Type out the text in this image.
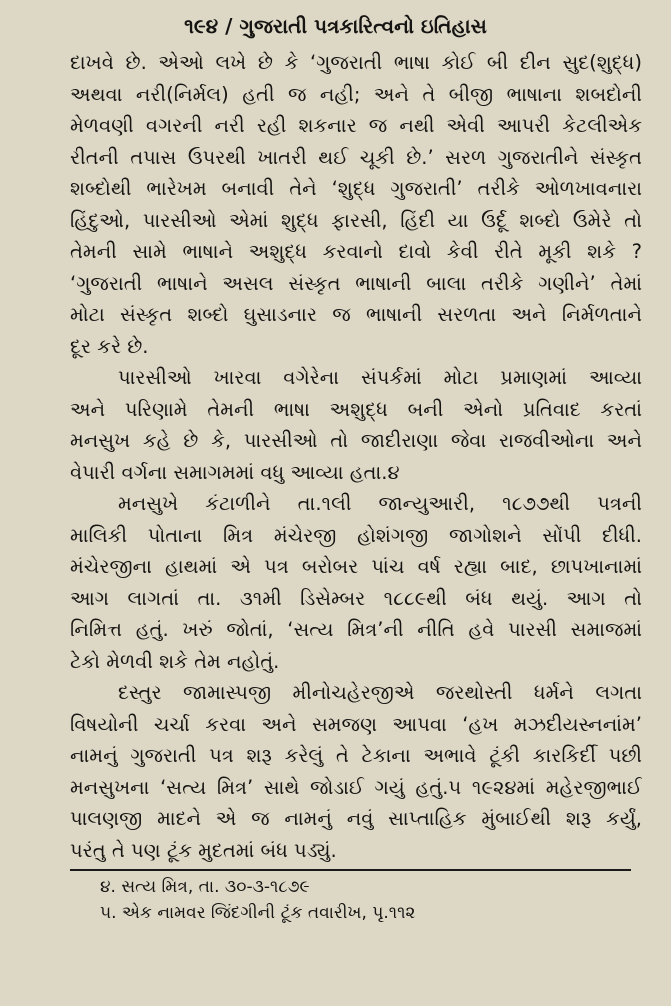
૧૯૪ / ગુજરાતી પત્રકારિત્વનો ઇતિહાસ
દાખવે છે. એઓ લખે છે કે ‘ગુજરાતી ભાષા કોઈ બી દીન સુદ(શુદ્ધ)
અથવા નરી(નિર્મલ) હતી જ નહી; અને તે બીજી ભાષાના શબદોની
મેળવણી વગરની નરી રહી શકનાર જ નથી એવી આપરી કેટલીએક
રીતની તપાસ ઉપરથી ખાતરી થઈ ચૂકી છે.’ સરળ ગુજરાતીને સંસ્કૃત
શબ્દોથી ભારેખમ બનાવી તેને ‘શુદ્ધ ગુજરાતી’ તરીકે ઓળખાવનારા
હિંદુઓ, પારસીઓ એમાં શુદ્ધ ફારસી, હિંદી યા ઉર્દૂ શબ્દો ઉમેરે તો
તેમની સામે ભાષાને અશુદ્ધ કરવાનો દાવો કેવી રીતે મૂકી શકે ?
‘ગુજરાતી ભાષાને અસલ સંસ્કૃત ભાષાની બાલા તરીકે ગણીને’ તેમાં
મોટા સંસ્કૃત શબ્દો ઘુસાડનાર જ ભાષાની સરળતા અને નિર્મળતાને
દૂર કરે છે.
પારસીઓ ખારવા વગેરેના સંપર્કમાં મોટા પ્રમાણમાં આવ્યા
અને પરિણામે તેમની ભાષા અશુદ્ધ બની એનો પ્રતિવાદ કરતાં
મનસુખ કહે છે કે, પારસીઓ તો જાદીરાણા જેવા રાજવીઓના અને
વેપારી વર્ગના સમાગમમાં વધુ આવ્યા હતા.૪
મનસુખે કંટાળીને તા.૧લી જાન્યુઆરી, ૧૮૭૭થી પત્રની
માલિકી પોતાના મિત્ર મંચેરજી હોશંગજી જાગોશને સોંપી દીધી.
મંચેરજીના હાથમાં એ પત્ર બરોબર પાંચ વર્ષ રહ્યા બાદ, છાપખાનામાં
આગ લાગતાં તા. ૩૧મી ડિસેમ્બર ૧૮૮૯થી બંધ થયું. આગ તો
નિમિત્ત હતું. ખરું જોતાં, ‘સત્ય મિત્ર’ની નીતિ હવે પારસી સમાજમાં
ટેકો મેળવી શકે તેમ નહોતું.
દસ્તુર જામાસ્પજી મીનોચહેરજીએ જરથોસ્તી ધર્મને લગતા
વિષયોની ચર્ચા કરવા અને સમજણ આપવા ‘હખ મઝદીયસ્નનાંમ’
નામનું ગુજરાતી પત્ર શરૂ કરેલું તે ટેકાના અભાવે ટૂંકી કારકિર્દી પછી
મનસુખના ‘સત્ય મિત્ર’ સાથે જોડાઈ ગયું હતું.૫ ૧૯૨૪માં મહેરજીભાઈ
પાલણજી માદને એ જ નામનું નવું સાપ્તાહિક મુંબાઈથી શરૂ કર્યું,
પરંતુ તે પણ ટૂંક મુદતમાં બંધ પડ્યું.
૪. સત્ય મિત્ર, તા. ૩૦-૩-૧૮૭૯
૫. એક નામવર જિંદગીની ટૂંક તવારીખ, પૃ.૧૧૨
